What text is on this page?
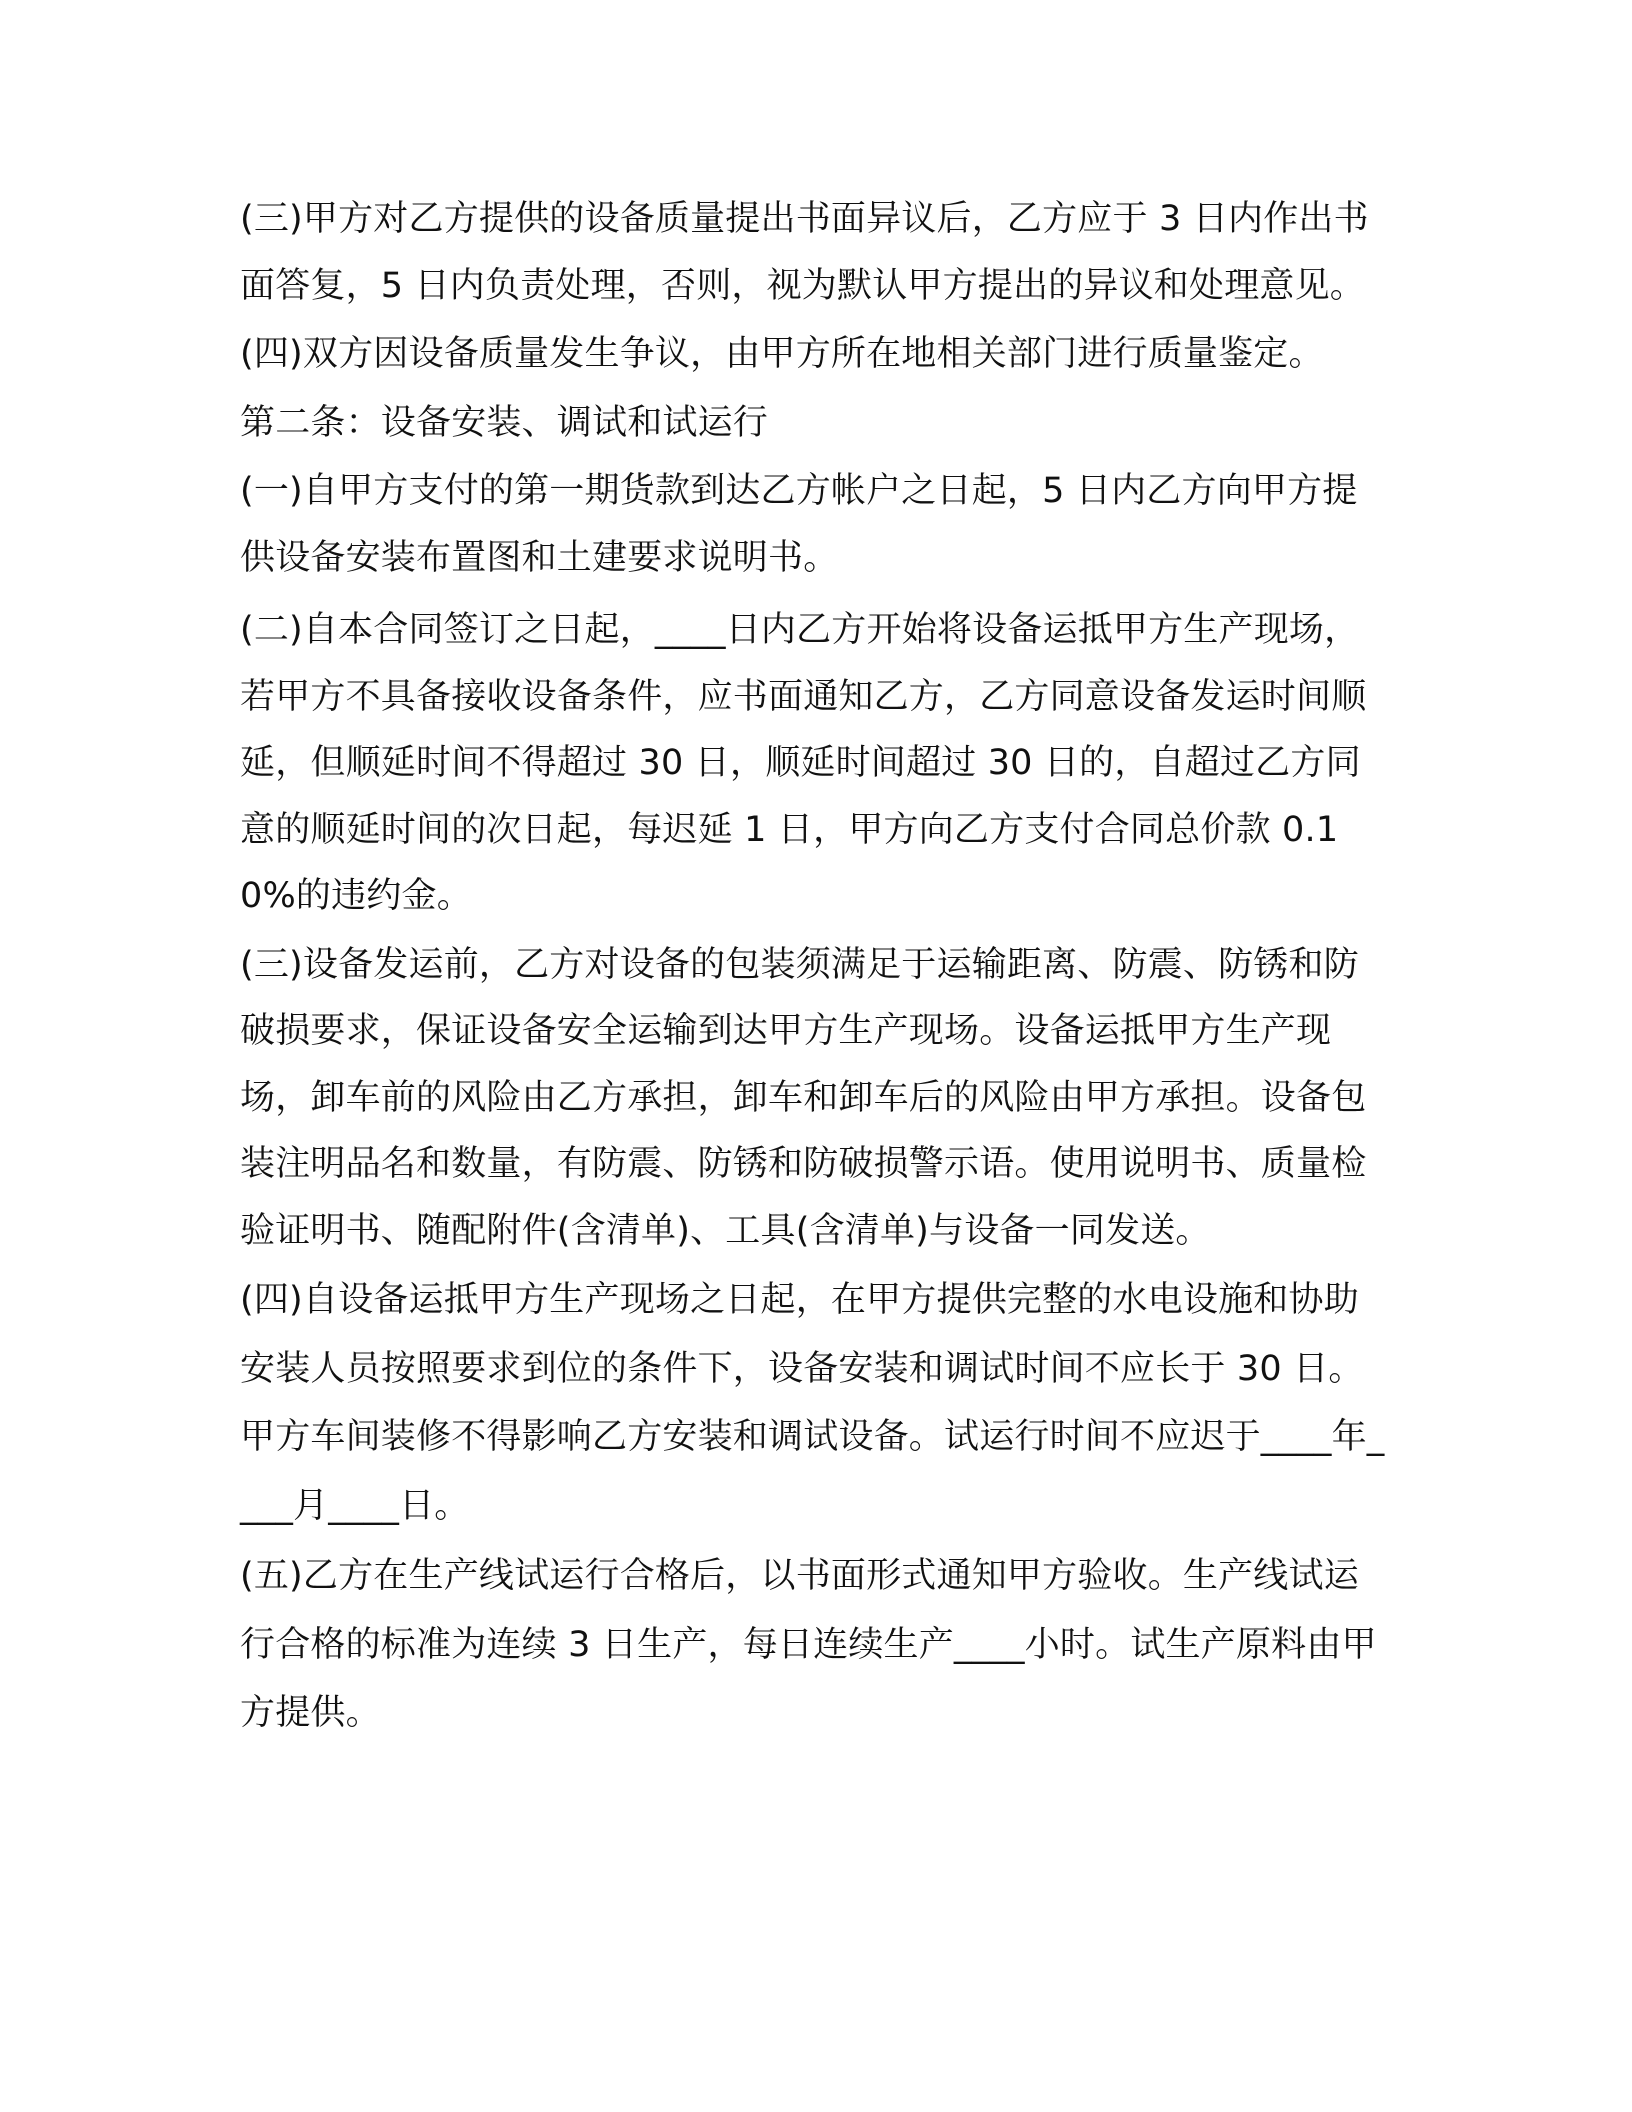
(三)甲方对乙方提供的设备质量提出书面异议后，乙方应于 3 日内作出书面答复，5 日内负责处理，否则，视为默认甲方提出的异议和处理意见。

(四)双方因设备质量发生争议，由甲方所在地相关部门进行质量鉴定。

第二条：设备安装、调试和试运行

(一)自甲方支付的第一期货款到达乙方帐户之日起，5 日内乙方向甲方提供设备安装布置图和土建要求说明书。

(二)自本合同签订之日起，____日内乙方开始将设备运抵甲方生产现场，若甲方不具备接收设备条件，应书面通知乙方，乙方同意设备发运时间顺延，但顺延时间不得超过 30 日，顺延时间超过 30 日的，自超过乙方同意的顺延时间的次日起，每迟延 1 日，甲方向乙方支付合同总价款 0.10%的违约金。

(三)设备发运前，乙方对设备的包装须满足于运输距离、防震、防锈和防破损要求，保证设备安全运输到达甲方生产现场。设备运抵甲方生产现场，卸车前的风险由乙方承担，卸车和卸车后的风险由甲方承担。设备包装注明品名和数量，有防震、防锈和防破损警示语。使用说明书、质量检验证明书、随配附件(含清单)、工具(含清单)与设备一同发送。

(四)自设备运抵甲方生产现场之日起，在甲方提供完整的水电设施和协助安装人员按照要求到位的条件下，设备安装和调试时间不应长于 30 日。甲方车间装修不得影响乙方安装和调试设备。试运行时间不应迟于____年____月____日。

(五)乙方在生产线试运行合格后，以书面形式通知甲方验收。生产线试运行合格的标准为连续 3 日生产，每日连续生产____小时。试生产原料由甲方提供。
